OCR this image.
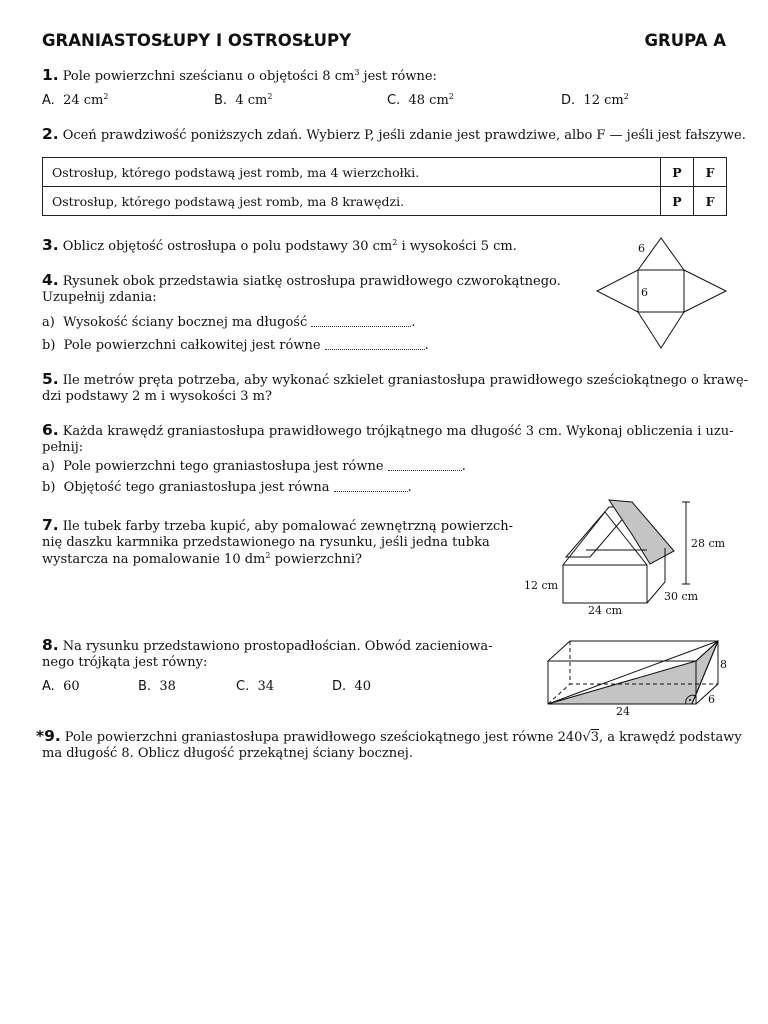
GRANIASTOSŁUPY I OSTROSŁUPY	GRUPA A
1. Pole powierzchni sześcianu o objętości 8 $cm^3$ jest równe:
A. 24 $cm^2$	B. 4 $cm^2$	C. 48 $cm^2$	D. 12 $cm^2$
2. Oceń prawdziwość poniższych zdań. Wybierz P, jeśli zdanie jest prawdziwe, albo F — jeśli jest fałszywe.
Ostrosłup, którego podstawą jest romb, ma 4 wierzchołki.	P	F
Ostrosłup, którego podstawą jest romb, ma 8 krawędzi.	P	F
3. Oblicz objętość ostrosłupa o polu podstawy 30 $cm^2$ i wysokości 5 cm.
4. Rysunek obok przedstawia siatkę ostrosłupa prawidłowego czworokątnego.
Uzupełnij zdania:
a) Wysokość ściany bocznej ma długość	.
b) Pole powierzchni całkowitej jest równe	.
6
6
5. Ile metrów pręta potrzeba, aby wykonać szkielet graniastosłupa prawidłowego sześciokątnego o krawę-
dzi podstawy 2 m i wysokości 3 m?
6. Każda krawędź graniastosłupa prawidłowego trójkątnego ma długość 3 cm. Wykonaj obliczenia i uzu-
pełnij:
a) Pole powierzchni tego graniastosłupa jest równe	.
b) Objętość tego graniastosłupa jest równa	.
7. Ile tubek farby trzeba kupić, aby pomalować zewnętrzną powierzch-
nię daszku karmnika przedstawionego na rysunku, jeśli jedna tubka
wystarcza na pomalowanie 10 $dm^2$ powierzchni?
28 cm
12 cm
24 cm
30 cm
8. Na rysunku przedstawiono prostopadłościan. Obwód zacieniowa-
nego trójkąta jest równy:
A. 60	B. 38	C. 34	D. 40
24
6
8
*9. Pole powierzchni graniastosłupa prawidłowego sześciokątnego jest równe 240√3, a krawędź podstawy
ma długość 8. Oblicz długość przekątnej ściany bocznej.
